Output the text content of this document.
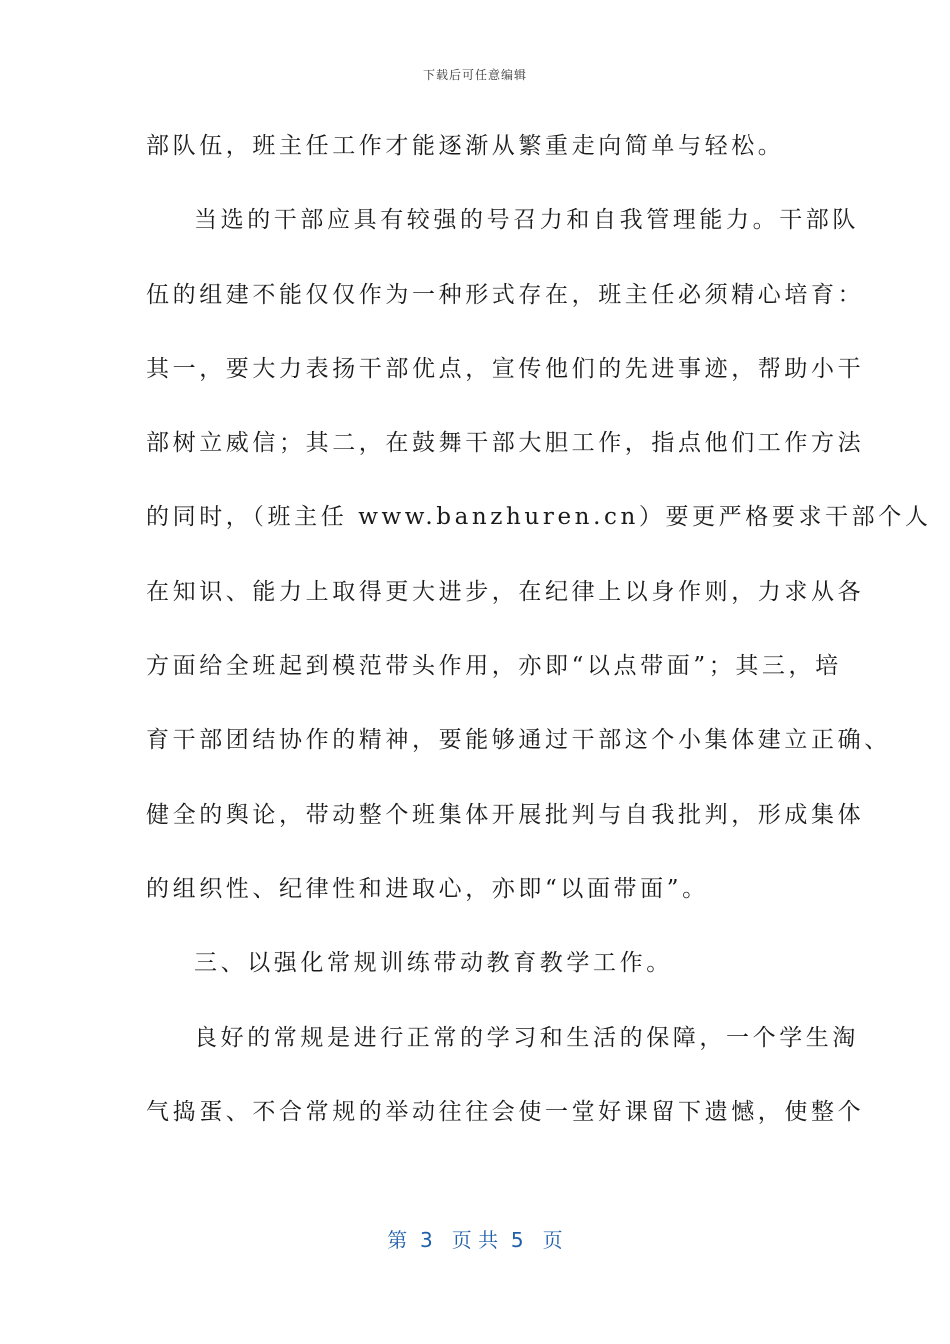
下载后可任意编辑
部队伍，班主任工作才能逐渐从繁重走向简单与轻松。
当选的干部应具有较强的号召力和自我管理能力。干部队
伍的组建不能仅仅作为一种形式存在，班主任必须精心培育：
其一，要大力表扬干部优点，宣传他们的先进事迹，帮助小干
部树立威信；其二，在鼓舞干部大胆工作，指点他们工作方法
的同时，（班主任 www.banzhuren.cn）要更严格要求干部个人
在知识、能力上取得更大进步，在纪律上以身作则，力求从各
方面给全班起到模范带头作用，亦即“以点带面”；其三，培
育干部团结协作的精神，要能够通过干部这个小集体建立正确、
健全的舆论，带动整个班集体开展批判与自我批判，形成集体
的组织性、纪律性和进取心，亦即“以面带面”。
三、以强化常规训练带动教育教学工作。
良好的常规是进行正常的学习和生活的保障，一个学生淘
气捣蛋、不合常规的举动往往会使一堂好课留下遗憾，使整个
第  3   页 共  5   页
